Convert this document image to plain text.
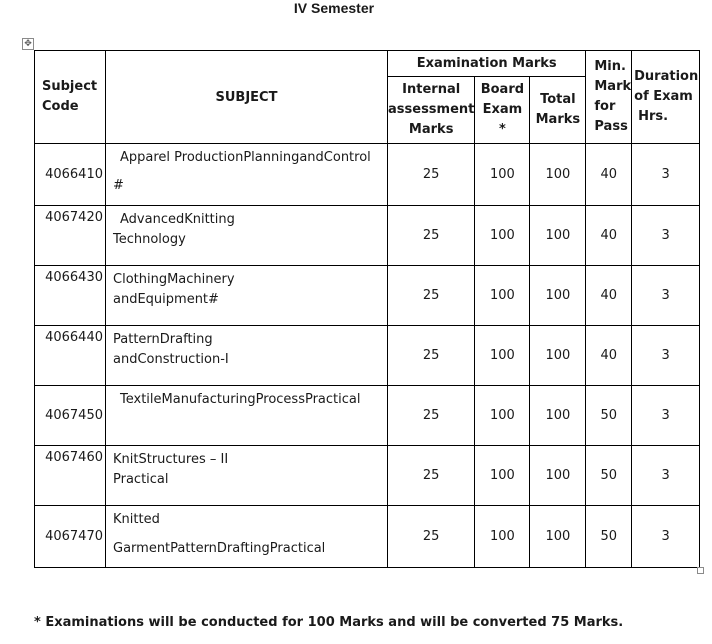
IV Semester
✥
Subject
Code	SUBJECT	Examination Marks			Min.
Mark
for
Pass	Duration
of Exam
Hrs.

		Internal
assessment
Marks	Board
Exam
*	Total
Marks		

4066410	Apparel ProductionPlanningandControl
#	25	100	100	40	3
4067420	AdvancedKnitting
Technology	25	100	100	40	3
4066430	ClothingMachinery
andEquipment#	25	100	100	40	3
4066440	PatternDrafting
andConstruction-I	25	100	100	40	3
4067450	TextileManufacturingProcessPractical	25	100	100	50	3
4067460	KnitStructures – II
Practical	25	100	100	50	3
4067470	Knitted
GarmentPatternDraftingPractical	25	100	100	50	3
* Examinations will be conducted for 100 Marks and will be converted 75 Marks.
